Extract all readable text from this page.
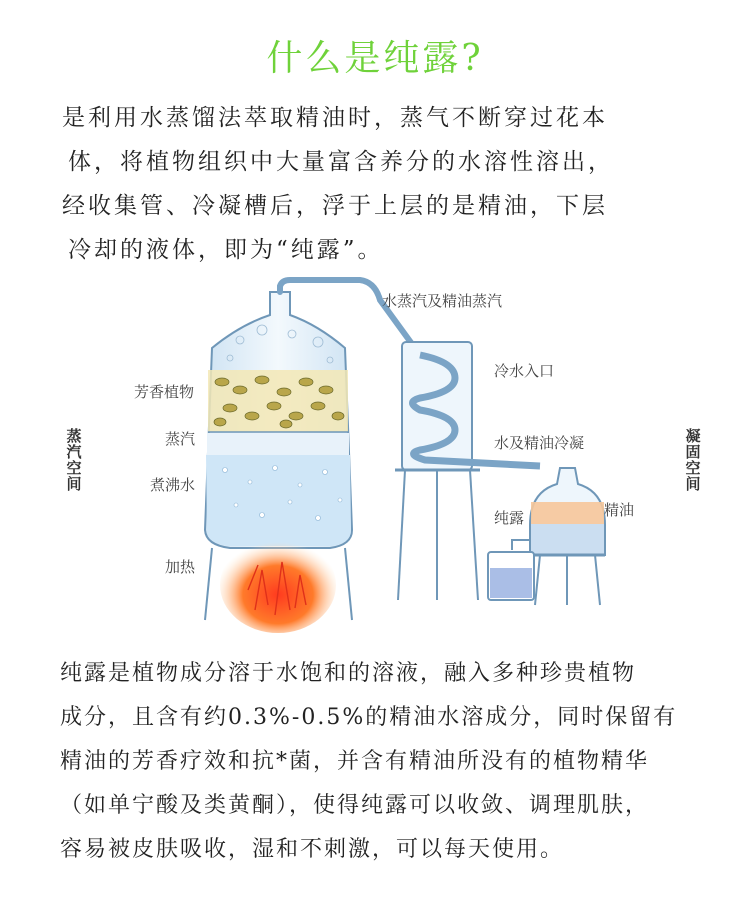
什么是纯露?
是利用水蒸馏法萃取精油时，蒸气不断穿过花本
体，将植物组织中大量富含养分的水溶性溶出，
经收集管、冷凝槽后，浮于上层的是精油，下层
冷却的液体，即为“纯露”。
水蒸汽及精油蒸汽
冷水入口
水及精油冷凝
精油
纯露
芳香植物
蒸汽
煮沸水
加热
蒸汽空间
凝固空间
纯露是植物成分溶于水饱和的溶液，融入多种珍贵植物
成分，且含有约0.3%-0.5%的精油水溶成分，同时保留有
精油的芳香疗效和抗*菌，并含有精油所没有的植物精华
（如单宁酸及类黄酮），使得纯露可以收敛、调理肌肤，
容易被皮肤吸收，湿和不刺激，可以每天使用。
